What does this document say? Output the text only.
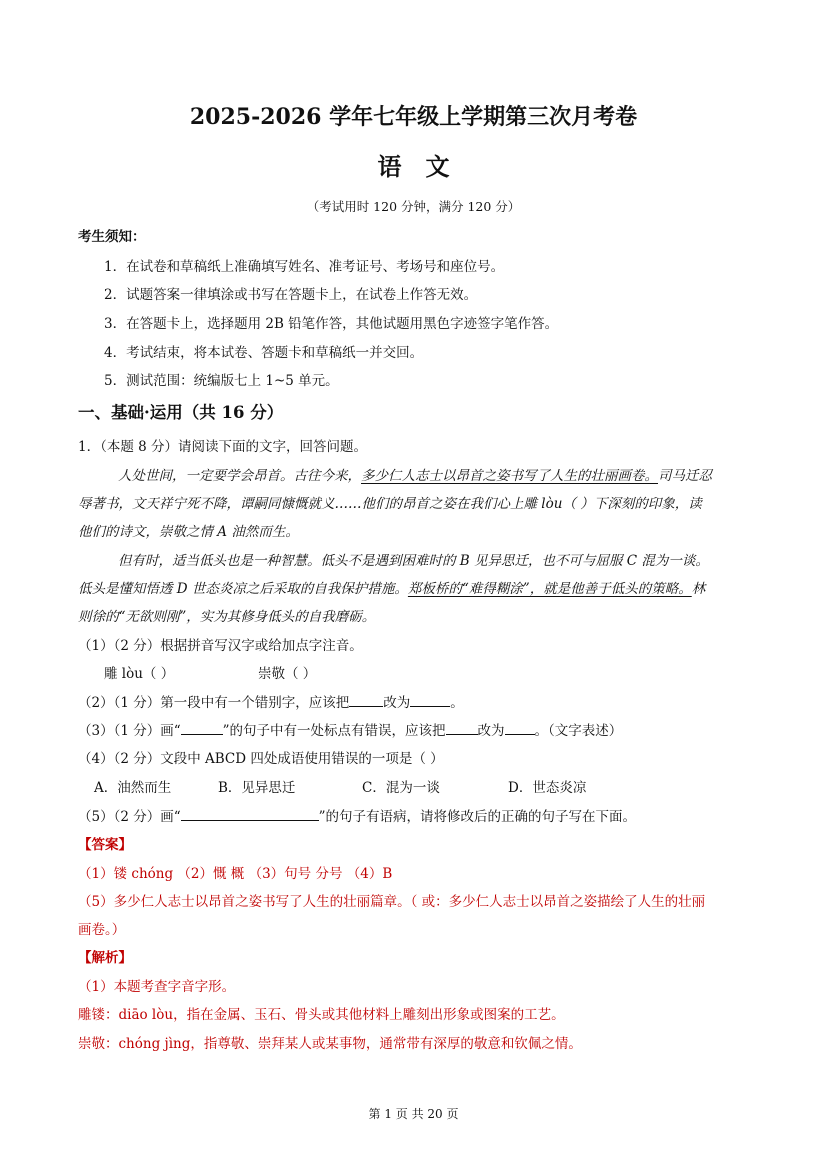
2025-2026 学年七年级上学期第三次月考卷
语文
（考试用时 120 分钟，满分 120 分）
考生须知：
1．在试卷和草稿纸上准确填写姓名、准考证号、考场号和座位号。
2．试题答案一律填涂或书写在答题卡上，在试卷上作答无效。
3．在答题卡上，选择题用 2B 铅笔作答，其他试题用黑色字迹签字笔作答。
4．考试结束，将本试卷、答题卡和草稿纸一并交回。
5．测试范围：统编版七上 1~5 单元。
一、基础·运用（共 16 分）
1．（本题 8 分）请阅读下面的文字，回答问题。
人处世间，一定要学会昂首。古往今来，多少仁人志士以昂首之姿书写了人生的壮丽画卷。司马迁忍
辱著书，文天祥宁死不降，谭嗣同慷慨就义……他们的昂首之姿在我们心上雕 lòu（ ）下深刻的印象，读
他们的诗文，崇敬之情 A 油然而生。
但有时，适当低头也是一种智慧。低头不是遇到困难时的 B 见异思迁，也不可与屈服 C 混为一谈。
低头是懂知悟透 D 世态炎凉之后采取的自我保护措施。郑板桥的“难得糊涂”，就是他善于低头的策略。林
则徐的“无欲则刚”，实为其修身低头的自我磨砺。
（1）（2 分）根据拼音写汉字或给加点字注音。
雕 lòu（ ）	崇敬（ ）
（2）（1 分）第一段中有一个错别字，应该把	改为	。
（3）（1 分）画“	”的句子中有一处标点有错误，应该把 改为 。（文字表述）
（4）（2 分）文段中 ABCD 四处成语使用错误的一项是（ ）
A．油然而生	B．见异思迁	C．混为一谈	D．世态炎凉
（5）（2 分）画“	”的句子有语病，请将修改后的正确的句子写在下面。
【答案】
（1）镂 chóng （2）慨 概 （3）句号 分号 （4）B
（5）多少仁人志士以昂首之姿书写了人生的壮丽篇章。（ 或：多少仁人志士以昂首之姿描绘了人生的壮丽
画卷。）
【解析】
（1）本题考查字音字形。
雕镂：diāo lòu，指在金属、玉石、骨头或其他材料上雕刻出形象或图案的工艺。
崇敬：chóng jìng，指尊敬、崇拜某人或某事物，通常带有深厚的敬意和钦佩之情。
第 1 页 共 20 页
